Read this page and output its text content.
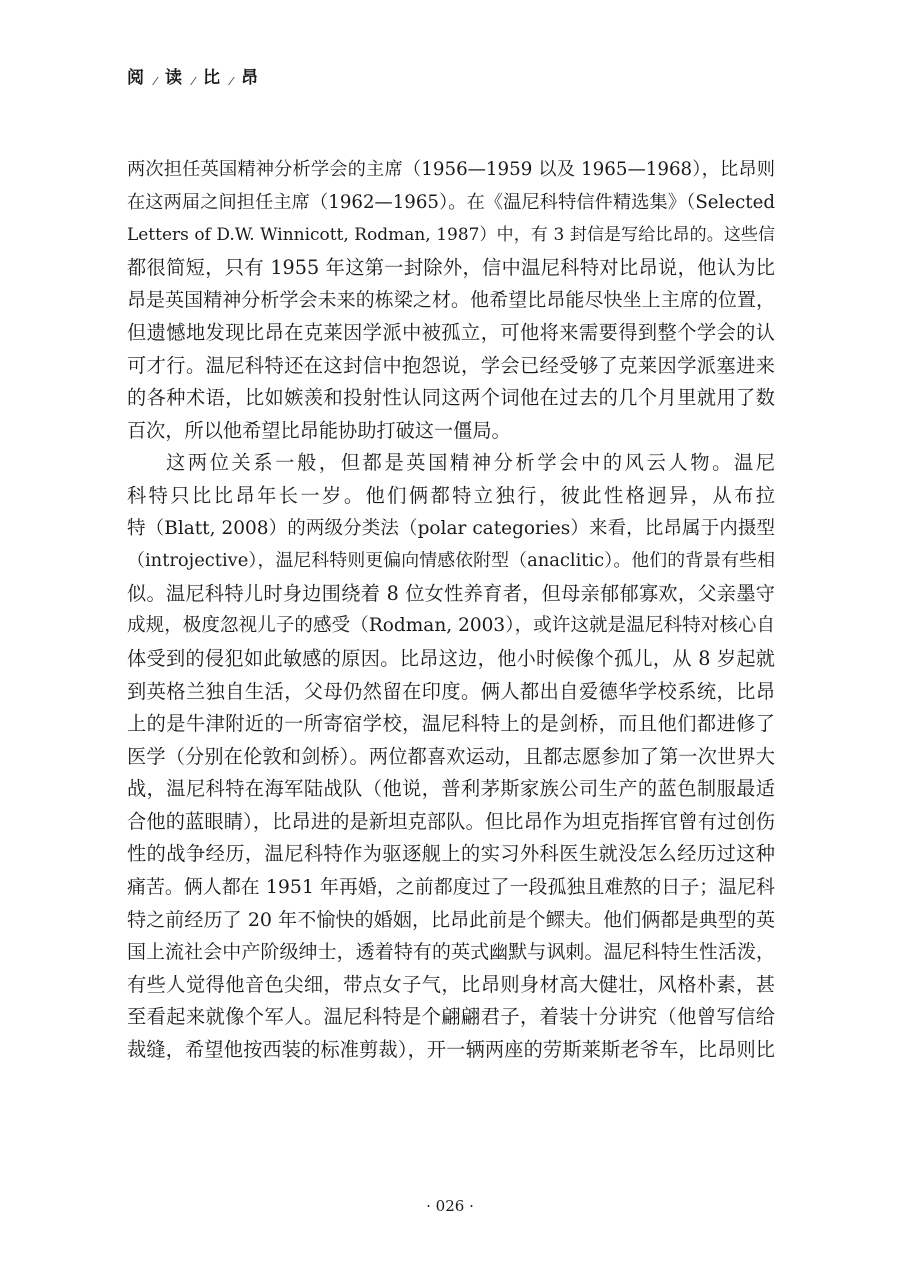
阅 读 比 昂
两次担任英国精神分析学会的主席（1956—1959 以及 1965—1968），比昂则
在这两届之间担任主席（1962—1965）。在《温尼科特信件精选集》（Selected
Letters of D.W. Winnicott, Rodman, 1987）中，有 3 封信是写给比昂的。这些信
都很简短，只有 1955 年这第一封除外，信中温尼科特对比昂说，他认为比
昂是英国精神分析学会未来的栋梁之材。他希望比昂能尽快坐上主席的位置，
但遗憾地发现比昂在克莱因学派中被孤立，可他将来需要得到整个学会的认
可才行。温尼科特还在这封信中抱怨说，学会已经受够了克莱因学派塞进来
的各种术语，比如嫉羡和投射性认同这两个词他在过去的几个月里就用了数
百次，所以他希望比昂能协助打破这一僵局。
这两位关系一般，但都是英国精神分析学会中的风云人物。温尼
科特只比比昂年长一岁。他们俩都特立独行，彼此性格迥异，从布拉
特（Blatt, 2008）的两级分类法（polar categories）来看，比昂属于内摄型
（introjective），温尼科特则更偏向情感依附型（anaclitic）。他们的背景有些相
似。温尼科特儿时身边围绕着 8 位女性养育者，但母亲郁郁寡欢，父亲墨守
成规，极度忽视儿子的感受（Rodman, 2003），或许这就是温尼科特对核心自
体受到的侵犯如此敏感的原因。比昂这边，他小时候像个孤儿，从 8 岁起就
到英格兰独自生活，父母仍然留在印度。俩人都出自爱德华学校系统，比昂
上的是牛津附近的一所寄宿学校，温尼科特上的是剑桥，而且他们都进修了
医学（分别在伦敦和剑桥）。两位都喜欢运动，且都志愿参加了第一次世界大
战，温尼科特在海军陆战队（他说，普利茅斯家族公司生产的蓝色制服最适
合他的蓝眼睛），比昂进的是新坦克部队。但比昂作为坦克指挥官曾有过创伤
性的战争经历，温尼科特作为驱逐舰上的实习外科医生就没怎么经历过这种
痛苦。俩人都在 1951 年再婚，之前都度过了一段孤独且难熬的日子；温尼科
特之前经历了 20 年不愉快的婚姻，比昂此前是个鳏夫。他们俩都是典型的英
国上流社会中产阶级绅士，透着特有的英式幽默与讽刺。温尼科特生性活泼，
有些人觉得他音色尖细，带点女子气，比昂则身材高大健壮，风格朴素，甚
至看起来就像个军人。温尼科特是个翩翩君子，着装十分讲究（他曾写信给
裁缝，希望他按西装的标准剪裁），开一辆两座的劳斯莱斯老爷车，比昂则比
· 026 ·
